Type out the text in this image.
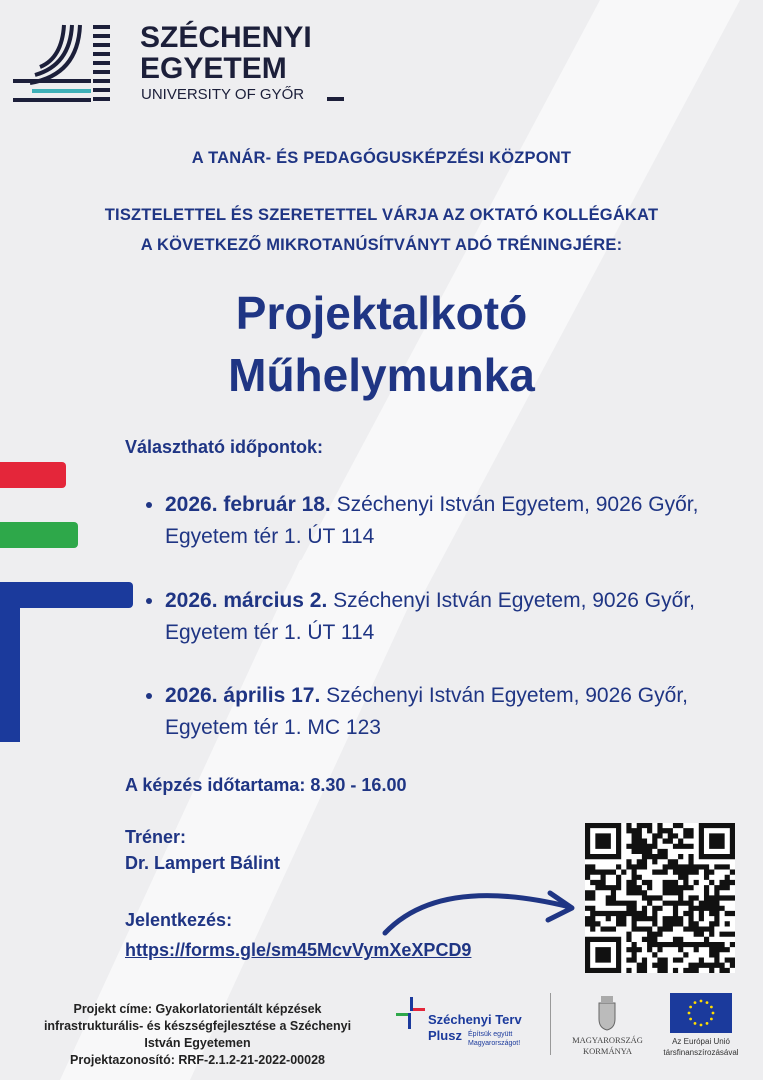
SZÉCHENYI
EGYETEM
UNIVERSITY OF GYŐR
A TANÁR- ÉS PEDAGÓGUSKÉPZÉSI KÖZPONT
TISZTELETTEL ÉS SZERETETTEL VÁRJA AZ OKTATÓ KOLLÉGÁKAT
A KÖVETKEZŐ MIKROTANÚSÍTVÁNYT ADÓ TRÉNINGJÉRE:
Projektalkotó
Műhelymunka
Választható időpontok:
2026. február 18. Széchenyi István Egyetem, 9026 Győr, Egyetem tér 1. ÚT 114
2026. március 2. Széchenyi István Egyetem, 9026 Győr, Egyetem tér 1. ÚT 114
2026. április 17. Széchenyi István Egyetem, 9026 Győr, Egyetem tér 1. MC 123
A képzés időtartama: 8.30 - 16.00
Tréner:
Dr. Lampert Bálint
Jelentkezés:
https://forms.gle/sm45McvVymXeXPCD9
Projekt címe: Gyakorlatorientált képzések
infrastrukturális- és készségfejlesztése a Széchenyi
István Egyetemen
Projektazonosító: RRF-2.1.2-21-2022-00028
Széchenyi Terv
Plusz Építsük együtt
Magyarországot!	MAGYARORSZÁG
KORMÁNYA
Az Európai Unió
társfinanszírozásával
